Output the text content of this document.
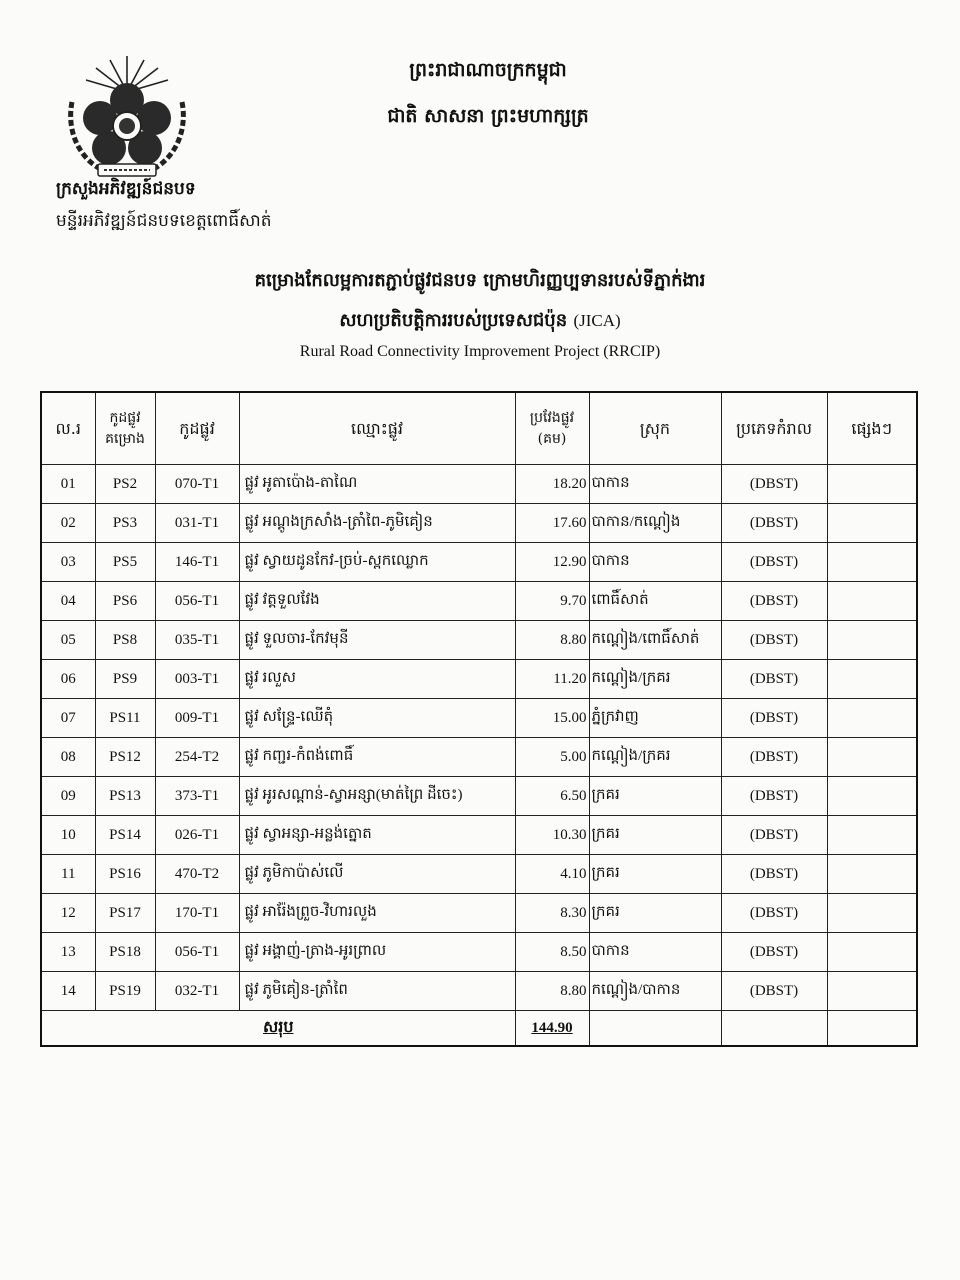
ក្រសួងអភិវឌ្ឍន៍ជនបទ
មន្ទីរអភិវឌ្ឍន៍ជនបទខេត្តពោធិ៍សាត់
ព្រះរាជាណាចក្រកម្ពុជា
ជាតិ សាសនា ព្រះមហាក្សត្រ
គម្រោងកែលម្អការតភ្ជាប់ផ្លូវជនបទ ក្រោមហិរញ្ញប្បទានរបស់ទីភ្នាក់ងារ
សហប្រតិបត្តិការរបស់ប្រទេសជប៉ុន (JICA)
Rural Road Connectivity Improvement Project (RRCIP)
ល.រ	កូដផ្លូវគម្រោង	កូដផ្លូវ	ឈ្មោះផ្លូវ	ប្រវែងផ្លូវ (គម)	ស្រុក	ប្រភេទកំរាល	ផ្សេងៗ
01	PS2	070-T1	ផ្លូវ អូតាប៉ោង-តាណៃ	18.20	បាកាន	(DBST)	
02	PS3	031-T1	ផ្លូវ អណ្ដូងក្រសាំង-ត្រាំពៃ-ភូមិគៀន	17.60	បាកាន/កណ្ដៀង	(DBST)	
03	PS5	146-T1	ផ្លូវ ស្វាយដូនកែវ-ច្រប់-ស្ពកឈ្លោក	12.90	បាកាន	(DBST)	
04	PS6	056-T1	ផ្លូវ វត្តទួលវែង	9.70	ពោធិ៍សាត់	(DBST)	
05	PS8	035-T1	ផ្លូវ ទួលចារ-កែវមុនី	8.80	កណ្ដៀង/ពោធិ៍សាត់	(DBST)	
06	PS9	003-T1	ផ្លូវ រលួស	11.20	កណ្ដៀង/ក្រគរ	(DBST)	
07	PS11	009-T1	ផ្លូវ សន្ទ្រែ-ឈើតុំ	15.00	ភ្នំក្រវាញ	(DBST)	
08	PS12	254-T2	ផ្លូវ កញ្ជរ-កំពង់ពោធិ៍	5.00	កណ្ដៀង/ក្រគរ	(DBST)	
09	PS13	373-T1	ផ្លូវ អូរសណ្ដាន់-ស្វាអន្សា(មាត់ព្រៃ ដីចេះ)	6.50	ក្រគរ	(DBST)	
10	PS14	026-T1	ផ្លូវ ស្វាអន្សា-អន្លង់ត្នោត	10.30	ក្រគរ	(DBST)	
11	PS16	470-T2	ផ្លូវ ភូមិកាប៉ាស់លើ	4.10	ក្រគរ	(DBST)	
12	PS17	170-T1	ផ្លូវ អារ៉ែងព្រួច-វិហារលួង	8.30	ក្រគរ	(DBST)	
13	PS18	056-T1	ផ្លូវ អង្គាញ់-ត្រាង-អូរព្រាល	8.50	បាកាន	(DBST)	
14	PS19	032-T1	ផ្លូវ ភូមិគៀន-ត្រាំពៃ	8.80	កណ្ដៀង/បាកាន	(DBST)	
សរុប				144.90			
